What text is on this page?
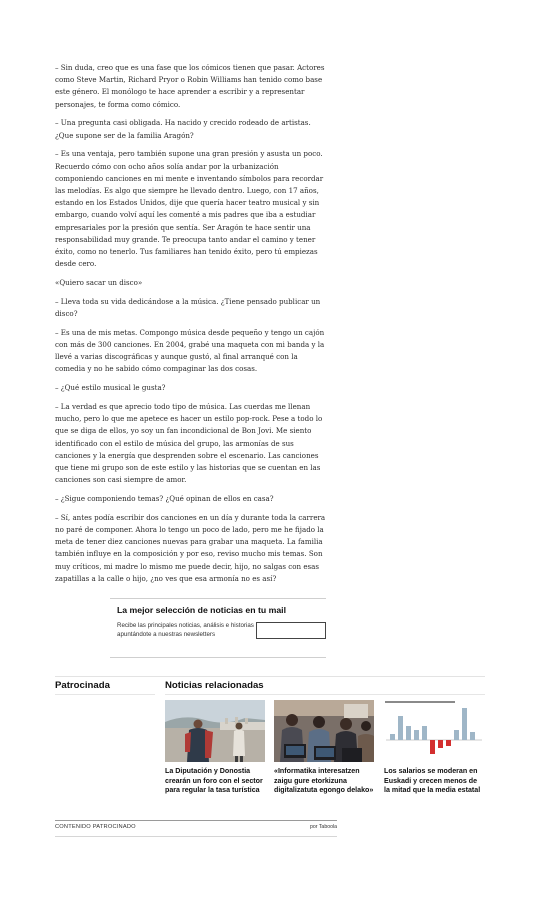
– Sin duda, creo que es una fase que los cómicos tienen que pasar. Actores como Steve Martin, Richard Pryor o Robin Williams han tenido como base este género. El monólogo te hace aprender a escribir y a representar personajes, te forma como cómico.

– Una pregunta casi obligada. Ha nacido y crecido rodeado de artistas. ¿Que supone ser de la familia Aragón?

– Es una ventaja, pero también supone una gran presión y asusta un poco. Recuerdo cómo con ocho años solía andar por la urbanización componiendo canciones en mi mente e inventando símbolos para recordar las melodías. Es algo que siempre he llevado dentro. Luego, con 17 años, estando en los Estados Unidos, dije que quería hacer teatro musical y sin embargo, cuando volví aquí les comenté a mis padres que iba a estudiar empresariales por la presión que sentía. Ser Aragón te hace sentir una responsabilidad muy grande. Te preocupa tanto andar el camino y tener éxito, como no tenerlo. Tus familiares han tenido éxito, pero tú empiezas desde cero.

«Quiero sacar un disco»

– Lleva toda su vida dedicándose a la música. ¿Tiene pensado publicar un disco?

– Es una de mis metas. Compongo música desde pequeño y tengo un cajón con más de 300 canciones. En 2004, grabé una maqueta con mi banda y la llevé a varias discográficas y aunque gustó, al final arranqué con la comedia y no he sabido cómo compaginar las dos cosas.

– ¿Qué estilo musical le gusta?

– La verdad es que aprecio todo tipo de música. Las cuerdas me llenan mucho, pero lo que me apetece es hacer un estilo pop-rock. Pese a todo lo que se diga de ellos, yo soy un fan incondicional de Bon Jovi. Me siento identificado con el estilo de música del grupo, las armonías de sus canciones y la energía que desprenden sobre el escenario. Las canciones que tiene mi grupo son de este estilo y las historias que se cuentan en las canciones son casi siempre de amor.

– ¿Sigue componiendo temas? ¿Qué opinan de ellos en casa?

– Sí, antes podía escribir dos canciones en un día y durante toda la carrera no paré de componer. Ahora lo tengo un poco de lado, pero me he fijado la meta de tener diez canciones nuevas para grabar una maqueta. La familia también influye en la composición y por eso, reviso mucho mis temas. Son muy críticos, mi madre lo mismo me puede decir, hijo, no salgas con esas zapatillas a la calle o hijo, ¿no ves que esa armonía no es así?

La mejor selección de noticias en tu mail
Recibe las principales noticias, análisis e historias apuntándote a nuestras newsletters
Patrocinada	Noticias relacionadas
La Diputación y Donostia crearán un foro con el sector para regular la tasa turística
«Informatika interesatzen zaigu gure etorkizuna digitalizatuta egongo delako»
Los salarios se moderan en Euskadi y crecen menos de la mitad que la media estatal
CONTENIDO PATROCINADO	por Taboola
